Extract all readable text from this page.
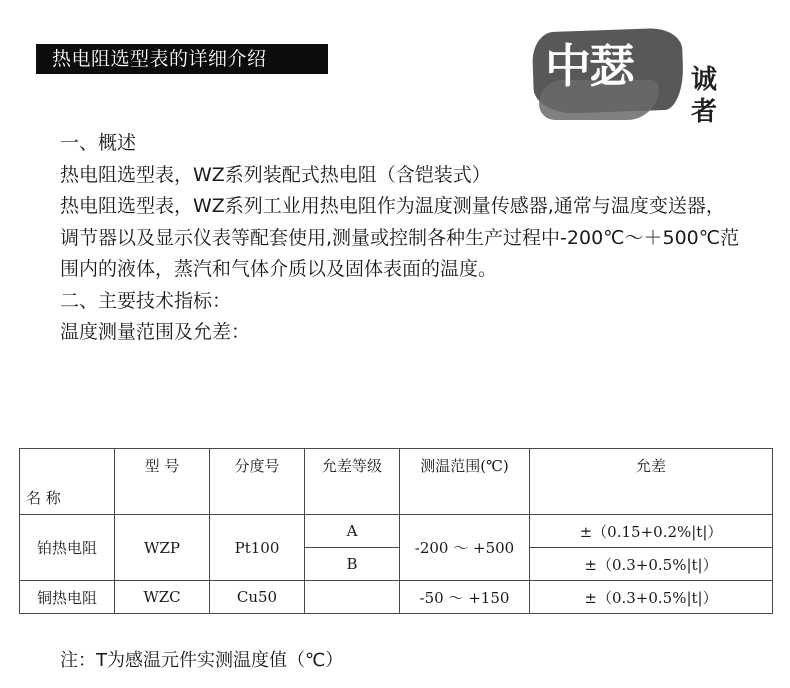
热电阻选型表的详细介绍	中瑟	诚
者

一、概述

热电阻选型表，WZ系列装配式热电阻（含铠装式）

热电阻选型表，WZ系列工业用热电阻作为温度测量传感器,通常与温度变送器，调节器以及显示仪表等配套使用,测量或控制各种生产过程中-200℃～＋500℃范围内的液体，蒸汽和气体介质以及固体表面的温度。

二、主要技术指标：

温度测量范围及允差：

名 称	型 号	分度号	允差等级	测温范围(℃)	允差
铂热电阻	WZP	Pt100	A	-200 ～ +500	±（0.15+0.2%|t|）
			B		±（0.3+0.5%|t|）
铜热电阻	WZC	Cu50		-50 ～ +150	±（0.3+0.5%|t|）
注：T为感温元件实测温度值（℃）
